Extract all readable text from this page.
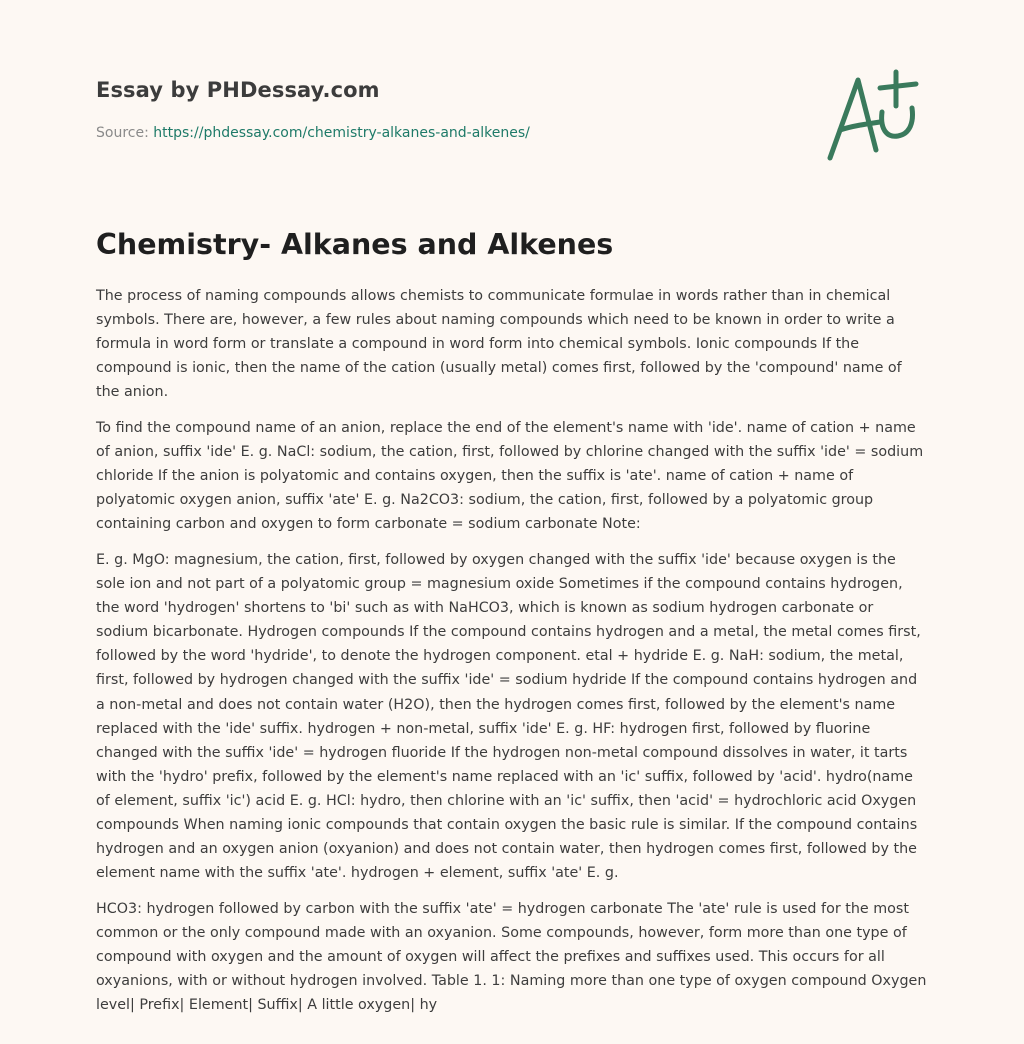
Essay by PHDessay.com
Source: https://phdessay.com/chemistry-alkanes-and-alkenes/
Chemistry- Alkanes and Alkenes

The process of naming compounds allows chemists to communicate formulae in words rather than in chemical symbols. There are, however, a few rules about naming compounds which need to be known in order to write a formula in word form or translate a compound in word form into chemical symbols. Ionic compounds If the compound is ionic, then the name of the cation (usually metal) comes first, followed by the 'compound' name of the anion.

To find the compound name of an anion, replace the end of the element's name with 'ide'. name of cation + name of anion, suffix 'ide' E. g. NaCl: sodium, the cation, first, followed by chlorine changed with the suffix 'ide' = sodium chloride If the anion is polyatomic and contains oxygen, then the suffix is 'ate'. name of cation + name of polyatomic oxygen anion, suffix 'ate' E. g. Na2CO3: sodium, the cation, first, followed by a polyatomic group containing carbon and oxygen to form carbonate = sodium carbonate Note:

E. g. MgO: magnesium, the cation, first, followed by oxygen changed with the suffix 'ide' because oxygen is the sole ion and not part of a polyatomic group = magnesium oxide Sometimes if the compound contains hydrogen, the word 'hydrogen' shortens to 'bi' such as with NaHCO3, which is known as sodium hydrogen carbonate or sodium bicarbonate. Hydrogen compounds If the compound contains hydrogen and a metal, the metal comes first, followed by the word 'hydride', to denote the hydrogen component. etal + hydride E. g. NaH: sodium, the metal, first, followed by hydrogen changed with the suffix 'ide' = sodium hydride If the compound contains hydrogen and a non-metal and does not contain water (H2O), then the hydrogen comes first, followed by the element's name replaced with the 'ide' suffix. hydrogen + non-metal, suffix 'ide' E. g. HF: hydrogen first, followed by fluorine changed with the suffix 'ide' = hydrogen fluoride If the hydrogen non-metal compound dissolves in water, it tarts with the 'hydro' prefix, followed by the element's name replaced with an 'ic' suffix, followed by 'acid'. hydro(name of element, suffix 'ic') acid E. g. HCl: hydro, then chlorine with an 'ic' suffix, then 'acid' = hydrochloric acid Oxygen compounds When naming ionic compounds that contain oxygen the basic rule is similar. If the compound contains hydrogen and an oxygen anion (oxyanion) and does not contain water, then hydrogen comes first, followed by the element name with the suffix 'ate'. hydrogen + element, suffix 'ate' E. g.

HCO3: hydrogen followed by carbon with the suffix 'ate' = hydrogen carbonate The 'ate' rule is used for the most common or the only compound made with an oxyanion. Some compounds, however, form more than one type of compound with oxygen and the amount of oxygen will affect the prefixes and suffixes used. This occurs for all oxyanions, with or without hydrogen involved. Table 1. 1: Naming more than one type of oxygen compound Oxygen level| Prefix| Element| Suffix| A little oxygen| hy
